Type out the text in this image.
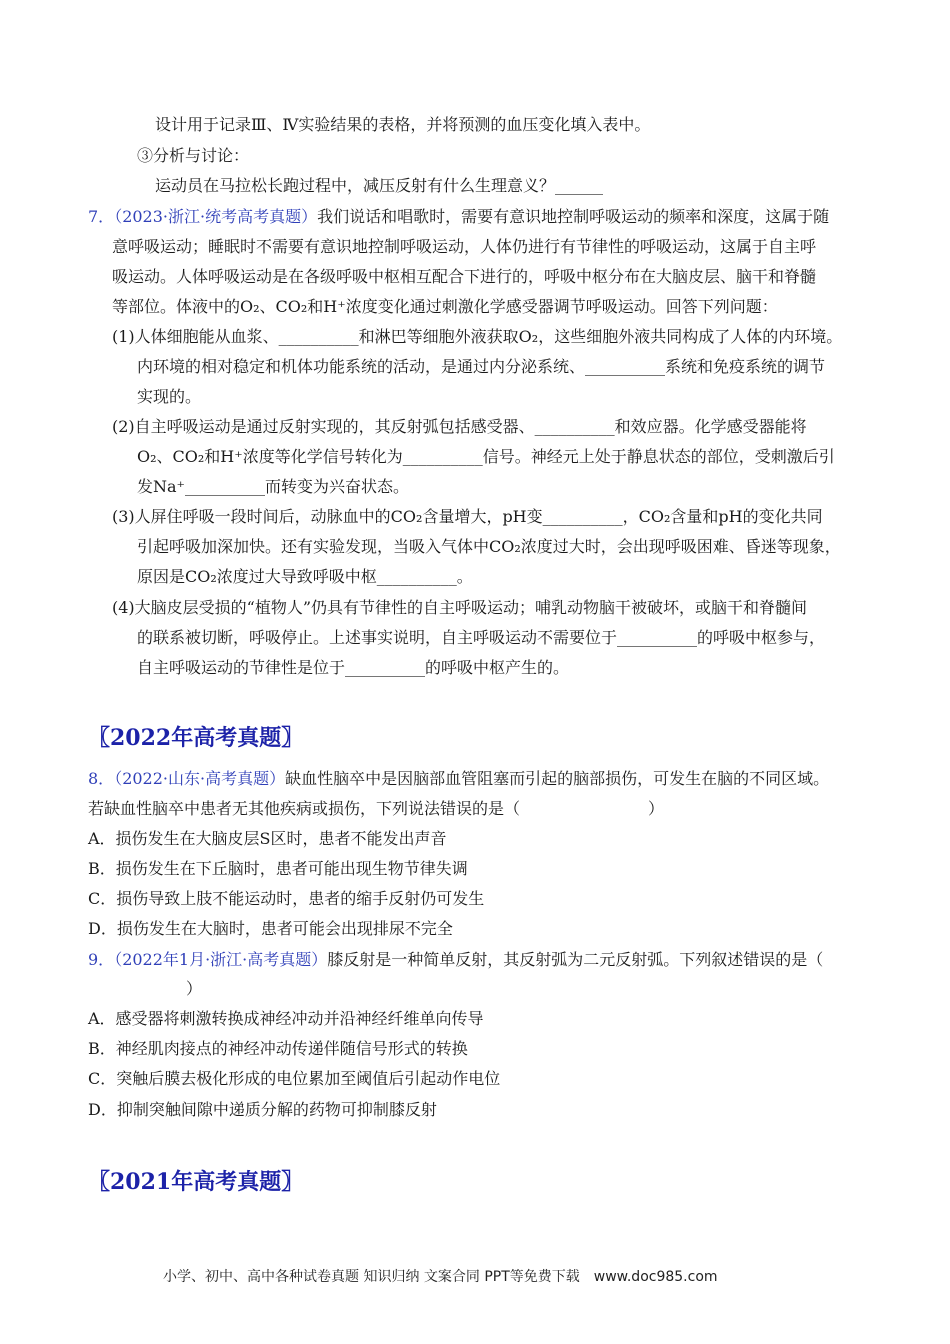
设计用于记录Ⅲ、Ⅳ实验结果的表格，并将预测的血压变化填入表中。
③分析与讨论：
运动员在马拉松长跑过程中，减压反射有什么生理意义？______
7．（2023·浙江·统考高考真题）我们说话和唱歌时，需要有意识地控制呼吸运动的频率和深度，这属于随
意呼吸运动；睡眠时不需要有意识地控制呼吸运动，人体仍进行有节律性的呼吸运动，这属于自主呼
吸运动。人体呼吸运动是在各级呼吸中枢相互配合下进行的，呼吸中枢分布在大脑皮层、脑干和脊髓
等部位。体液中的O₂、CO₂和H⁺浓度变化通过刺激化学感受器调节呼吸运动。回答下列问题：
(1)人体细胞能从血浆、__________和淋巴等细胞外液获取O₂，这些细胞外液共同构成了人体的内环境。
内环境的相对稳定和机体功能系统的活动，是通过内分泌系统、__________系统和免疫系统的调节
实现的。
(2)自主呼吸运动是通过反射实现的，其反射弧包括感受器、__________和效应器。化学感受器能将
O₂、CO₂和H⁺浓度等化学信号转化为__________信号。神经元上处于静息状态的部位，受刺激后引
发Na⁺__________而转变为兴奋状态。
(3)人屏住呼吸一段时间后，动脉血中的CO₂含量增大，pH变__________，CO₂含量和pH的变化共同
引起呼吸加深加快。还有实验发现，当吸入气体中CO₂浓度过大时，会出现呼吸困难、昏迷等现象，
原因是CO₂浓度过大导致呼吸中枢__________。
(4)大脑皮层受损的“植物人”仍具有节律性的自主呼吸运动；哺乳动物脑干被破坏，或脑干和脊髓间
的联系被切断，呼吸停止。上述事实说明，自主呼吸运动不需要位于__________的呼吸中枢参与，
自主呼吸运动的节律性是位于__________的呼吸中枢产生的。
〖2022年高考真题〗
8．（2022·山东·高考真题）缺血性脑卒中是因脑部血管阻塞而引起的脑部损伤，可发生在脑的不同区域。
若缺血性脑卒中患者无其他疾病或损伤，下列说法错误的是（　　　　　　　　）
A．损伤发生在大脑皮层S区时，患者不能发出声音
B．损伤发生在下丘脑时，患者可能出现生物节律失调
C．损伤导致上肢不能运动时，患者的缩手反射仍可发生
D．损伤发生在大脑时，患者可能会出现排尿不完全
9．（2022年1月·浙江·高考真题）膝反射是一种简单反射，其反射弧为二元反射弧。下列叙述错误的是（
）
A．感受器将刺激转换成神经冲动并沿神经纤维单向传导
B．神经肌肉接点的神经冲动传递伴随信号形式的转换
C．突触后膜去极化形成的电位累加至阈值后引起动作电位
D．抑制突触间隙中递质分解的药物可抑制膝反射
〖2021年高考真题〗
小学、初中、高中各种试卷真题 知识归纳 文案合同 PPT等免费下载　www.doc985.com
